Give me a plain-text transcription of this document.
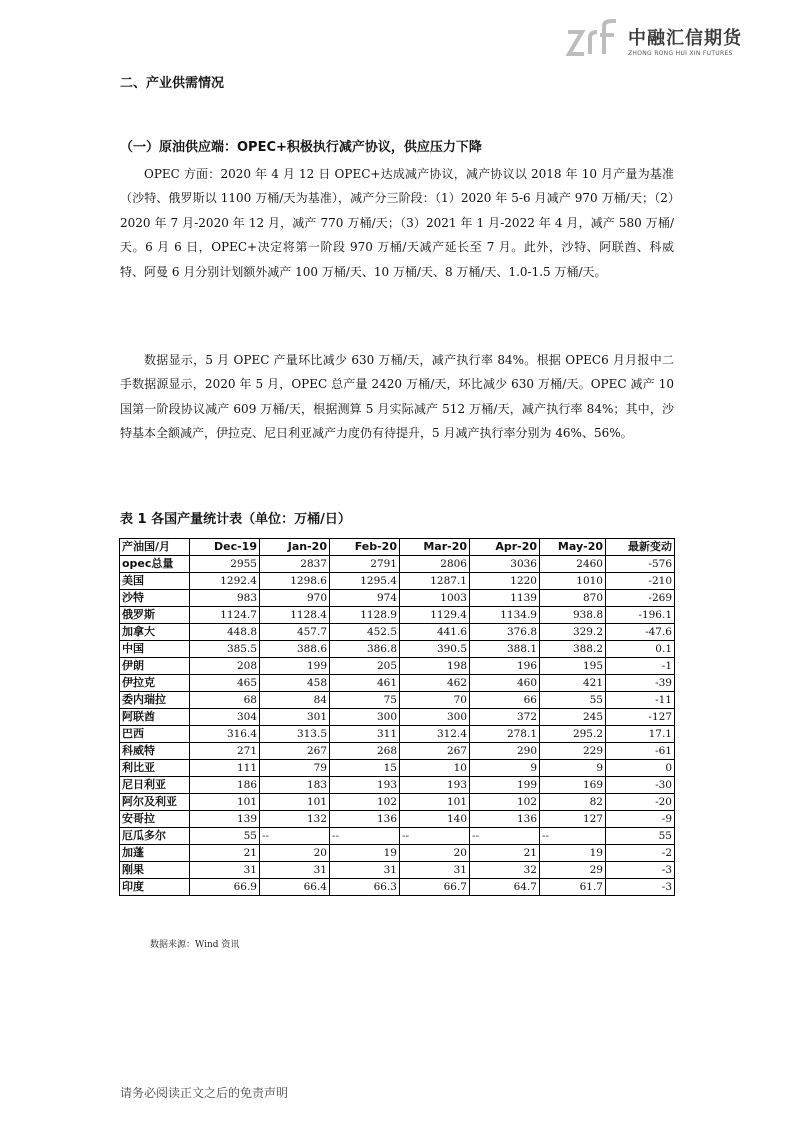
中融汇信期货
ZHONG RONG HUI XIN FUTURES
二、产业供需情况
（一）原油供应端：OPEC+积极执行减产协议，供应压力下降
OPEC 方面：2020 年 4 月 12 日 OPEC+达成减产协议，减产协议以 2018 年 10 月产量为基准（沙特、俄罗斯以 1100 万桶/天为基准），减产分三阶段：（1）2020 年 5-6 月减产 970 万桶/天；（2）2020 年 7 月-2020 年 12 月，减产 770 万桶/天；（3）2021 年 1 月-2022 年 4 月，减产 580 万桶/天。6 月 6 日，OPEC+决定将第一阶段 970 万桶/天减产延长至 7 月。此外，沙特、阿联酋、科威特、阿曼 6 月分别计划额外减产 100 万桶/天、10 万桶/天、8 万桶/天、1.0-1.5 万桶/天。
数据显示，5 月 OPEC 产量环比减少 630 万桶/天，减产执行率 84%。根据 OPEC6 月月报中二手数据源显示，2020 年 5 月，OPEC 总产量 2420 万桶/天，环比减少 630 万桶/天。OPEC 减产 10 国第一阶段协议减产 609 万桶/天，根据测算 5 月实际减产 512 万桶/天，减产执行率 84%；其中，沙特基本全额减产，伊拉克、尼日利亚减产力度仍有待提升，5 月减产执行率分别为 46%、56%。
表 1 各国产量统计表（单位：万桶/日）
产油国/月	Dec-19	Jan-20	Feb-20	Mar-20	Apr-20	May-20	最新变动
opec总量	2955	2837	2791	2806	3036	2460	-576
美国	1292.4	1298.6	1295.4	1287.1	1220	1010	-210
沙特	983	970	974	1003	1139	870	-269
俄罗斯	1124.7	1128.4	1128.9	1129.4	1134.9	938.8	-196.1
加拿大	448.8	457.7	452.5	441.6	376.8	329.2	-47.6
中国	385.5	388.6	386.8	390.5	388.1	388.2	0.1
伊朗	208	199	205	198	196	195	-1
伊拉克	465	458	461	462	460	421	-39
委内瑞拉	68	84	75	70	66	55	-11
阿联酋	304	301	300	300	372	245	-127
巴西	316.4	313.5	311	312.4	278.1	295.2	17.1
科威特	271	267	268	267	290	229	-61
利比亚	111	79	15	10	9	9	0
尼日利亚	186	183	193	193	199	169	-30
阿尔及利亚	101	101	102	101	102	82	-20
安哥拉	139	132	136	140	136	127	-9
厄瓜多尔	55	--	--	--	--	--	55
加蓬	21	20	19	20	21	19	-2
刚果	31	31	31	31	32	29	-3
印度	66.9	66.4	66.3	66.7	64.7	61.7	-3
数据来源：Wind 资讯
请务必阅读正文之后的免责声明
